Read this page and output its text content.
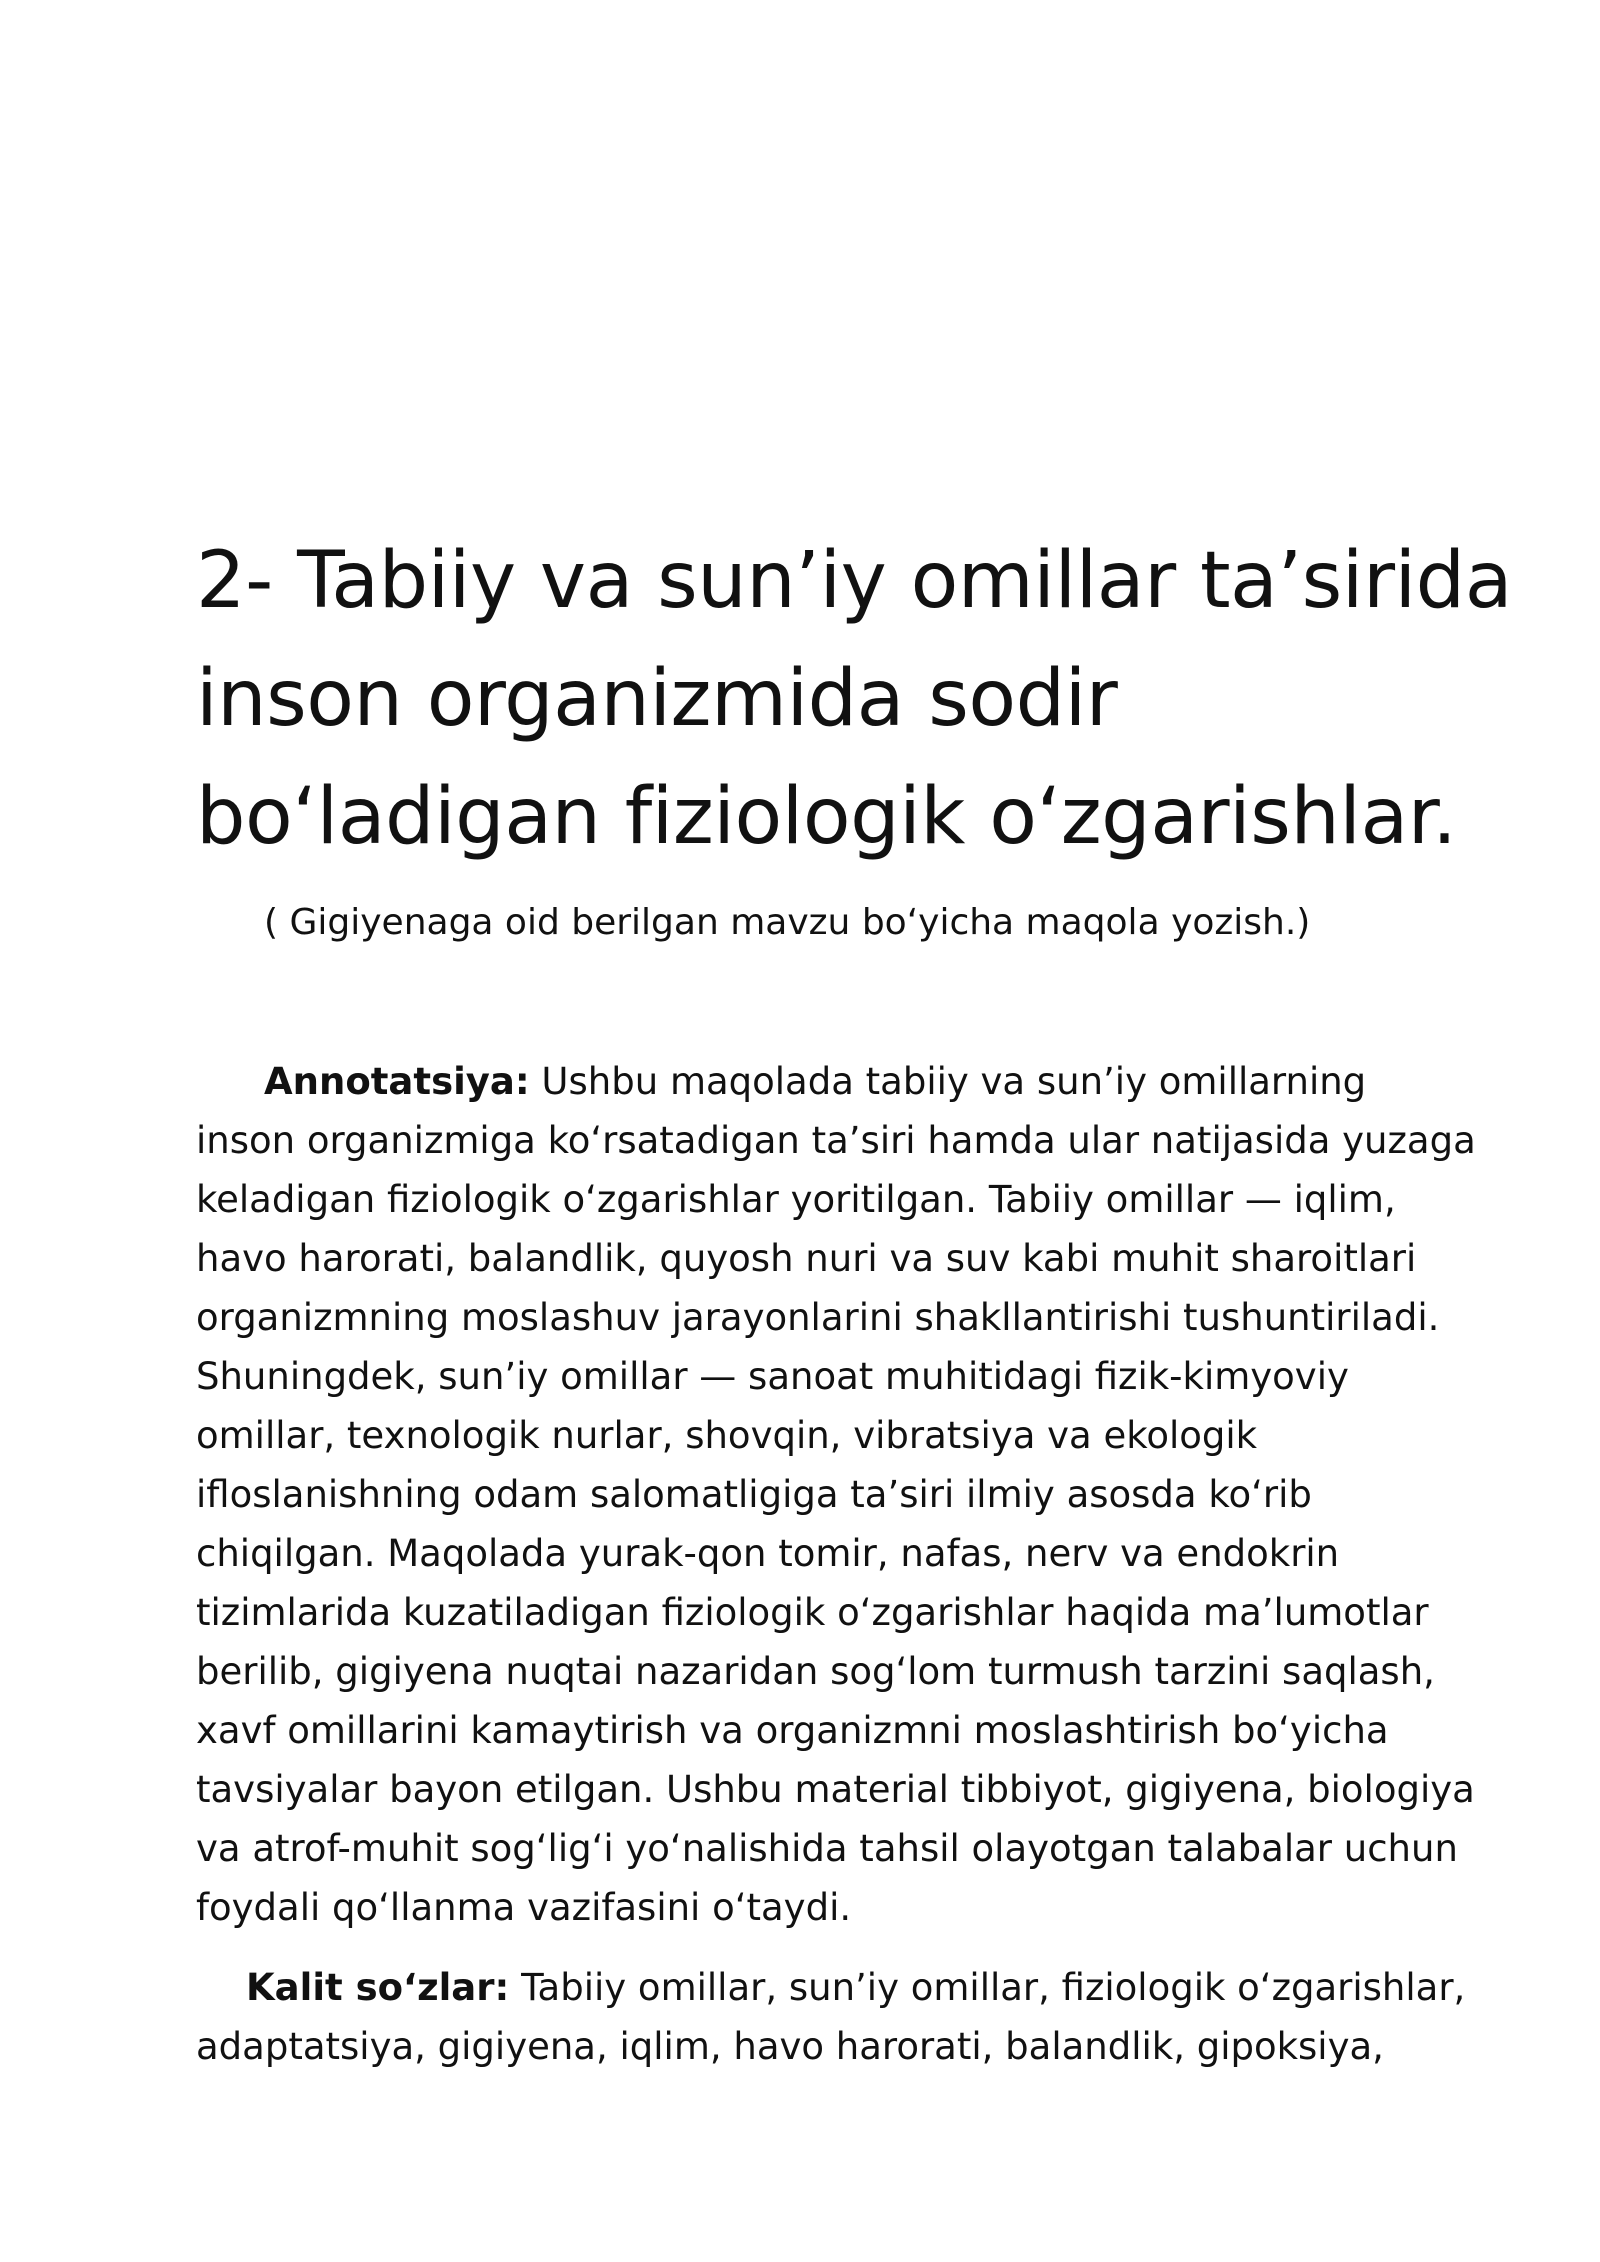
2- Tabiiy va sun’iy omillar ta’sirida
inson organizmida sodir
bo‘ladigan fiziologik o‘zgarishlar.

( Gigiyenaga oid berilgan mavzu bo‘yicha maqola yozish.)

Annotatsiya: Ushbu maqolada tabiiy va sun’iy omillarning
inson organizmiga ko‘rsatadigan ta’siri hamda ular natijasida yuzaga
keladigan fiziologik o‘zgarishlar yoritilgan. Tabiiy omillar — iqlim,
havo harorati, balandlik, quyosh nuri va suv kabi muhit sharoitlari
organizmning moslashuv jarayonlarini shakllantirishi tushuntiriladi.
Shuningdek, sun’iy omillar — sanoat muhitidagi fizik-kimyoviy
omillar, texnologik nurlar, shovqin, vibratsiya va ekologik
ifloslanishning odam salomatligiga ta’siri ilmiy asosda ko‘rib
chiqilgan. Maqolada yurak-qon tomir, nafas, nerv va endokrin
tizimlarida kuzatiladigan fiziologik o‘zgarishlar haqida ma’lumotlar
berilib, gigiyena nuqtai nazaridan sog‘lom turmush tarzini saqlash,
xavf omillarini kamaytirish va organizmni moslashtirish bo‘yicha
tavsiyalar bayon etilgan. Ushbu material tibbiyot, gigiyena, biologiya
va atrof-muhit sog‘lig‘i yo‘nalishida tahsil olayotgan talabalar uchun
foydali qo‘llanma vazifasini o‘taydi.
Kalit so‘zlar: Tabiiy omillar, sun’iy omillar, fiziologik o‘zgarishlar,
adaptatsiya, gigiyena, iqlim, havo harorati, balandlik, gipoksiya,
